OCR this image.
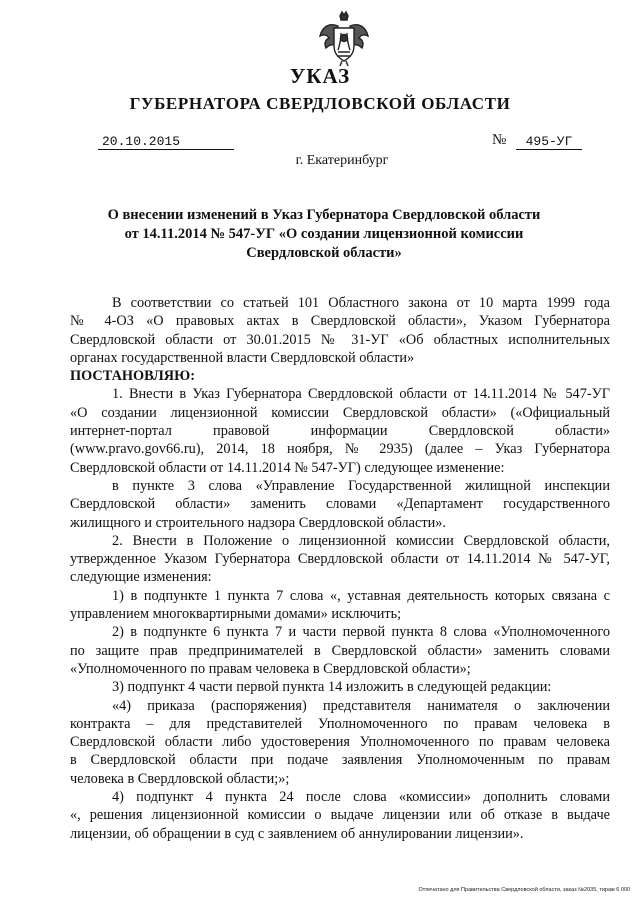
УКАЗ
ГУБЕРНАТОРА СВЕРДЛОВСКОЙ ОБЛАСТИ
20.10.2015	№	495-УГ
г. Екатеринбург
О внесении изменений в Указ Губернатора Свердловской области
от 14.11.2014 № 547-УГ «О создании лицензионной комиссии
Свердловской области»
В соответствии со статьей 101 Областного закона от 10 марта 1999 года
№ 4-ОЗ «О правовых актах в Свердловской области», Указом Губернатора
Свердловской области от 30.01.2015 № 31-УГ «Об областных исполнительных
органах государственной власти Свердловской области»
ПОСТАНОВЛЯЮ:
1. Внести в Указ Губернатора Свердловской области от 14.11.2014 № 547-УГ
«О создании лицензионной комиссии Свердловской области» («Официальный
интернет-портал правовой информации Свердловской области»
(www.pravo.gov66.ru), 2014, 18 ноября, № 2935) (далее – Указ Губернатора
Свердловской области от 14.11.2014 № 547-УГ) следующее изменение:
в пункте 3 слова «Управление Государственной жилищной инспекции
Свердловской области» заменить словами «Департамент государственного
жилищного и строительного надзора Свердловской области».
2. Внести в Положение о лицензионной комиссии Свердловской области,
утвержденное Указом Губернатора Свердловской области от 14.11.2014 № 547-УГ,
следующие изменения:
1) в подпункте 1 пункта 7 слова «, уставная деятельность которых связана с
управлением многоквартирными домами» исключить;
2) в подпункте 6 пункта 7 и части первой пункта 8 слова «Уполномоченного
по защите прав предпринимателей в Свердловской области» заменить словами
«Уполномоченного по правам человека в Свердловской области»;
3) подпункт 4 части первой пункта 14 изложить в следующей редакции:
«4) приказа (распоряжения) представителя нанимателя о заключении
контракта – для представителей Уполномоченного по правам человека в
Свердловской области либо удостоверения Уполномоченного по правам человека
в Свердловской области при подаче заявления Уполномоченным по правам
человека в Свердловской области;»;
4) подпункт 4 пункта 24 после слова «комиссии» дополнить словами
«, решения лицензионной комиссии о выдаче лицензии или об отказе в выдаче
лицензии, об обращении в суд с заявлением об аннулировании лицензии».
Отпечатано для Правительства Свердловской области, заказ №2035, тираж 6 000
